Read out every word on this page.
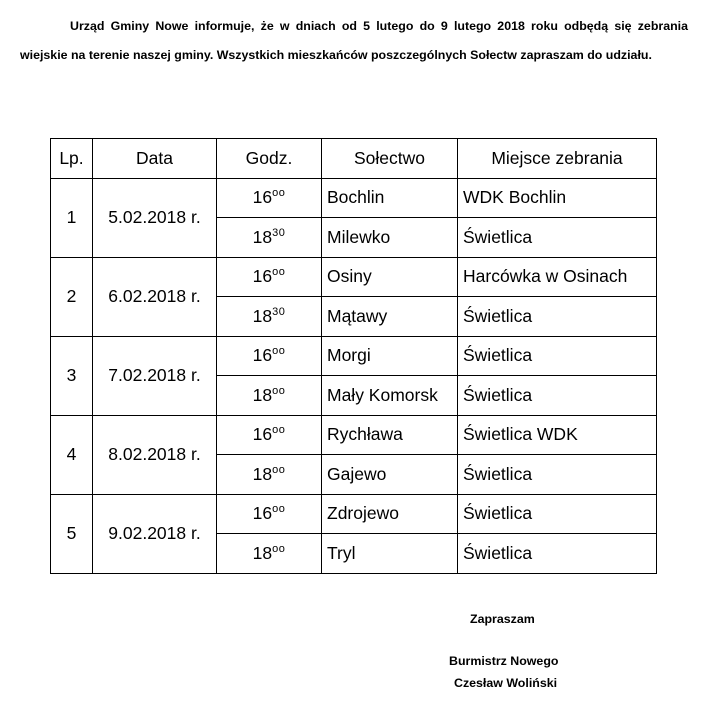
Urząd Gminy Nowe informuje, że w dniach od 5 lutego do 9 lutego 2018 roku odbędą się zebrania wiejskie na terenie naszej gminy. Wszystkich mieszkańców poszczególnych Sołectw zapraszam do udziału.

Lp.	Data	Godz.	Sołectwo	Miejsce zebrania
1	5.02.2018 r.	$16^{oo}$	Bochlin	WDK Bochlin
		$18^{30}$	Milewko	Świetlica
2	6.02.2018 r.	$16^{oo}$	Osiny	Harcówka w Osinach
		$18^{30}$	Mątawy	Świetlica
3	7.02.2018 r.	$16^{oo}$	Morgi	Świetlica
		$18^{oo}$	Mały Komorsk	Świetlica
4	8.02.2018 r.	$16^{oo}$	Rychława	Świetlica WDK
		$18^{oo}$	Gajewo	Świetlica
5	9.02.2018 r.	$16^{oo}$	Zdrojewo	Świetlica
		$18^{oo}$	Tryl	Świetlica
Zapraszam
Burmistrz Nowego
Czesław Woliński
